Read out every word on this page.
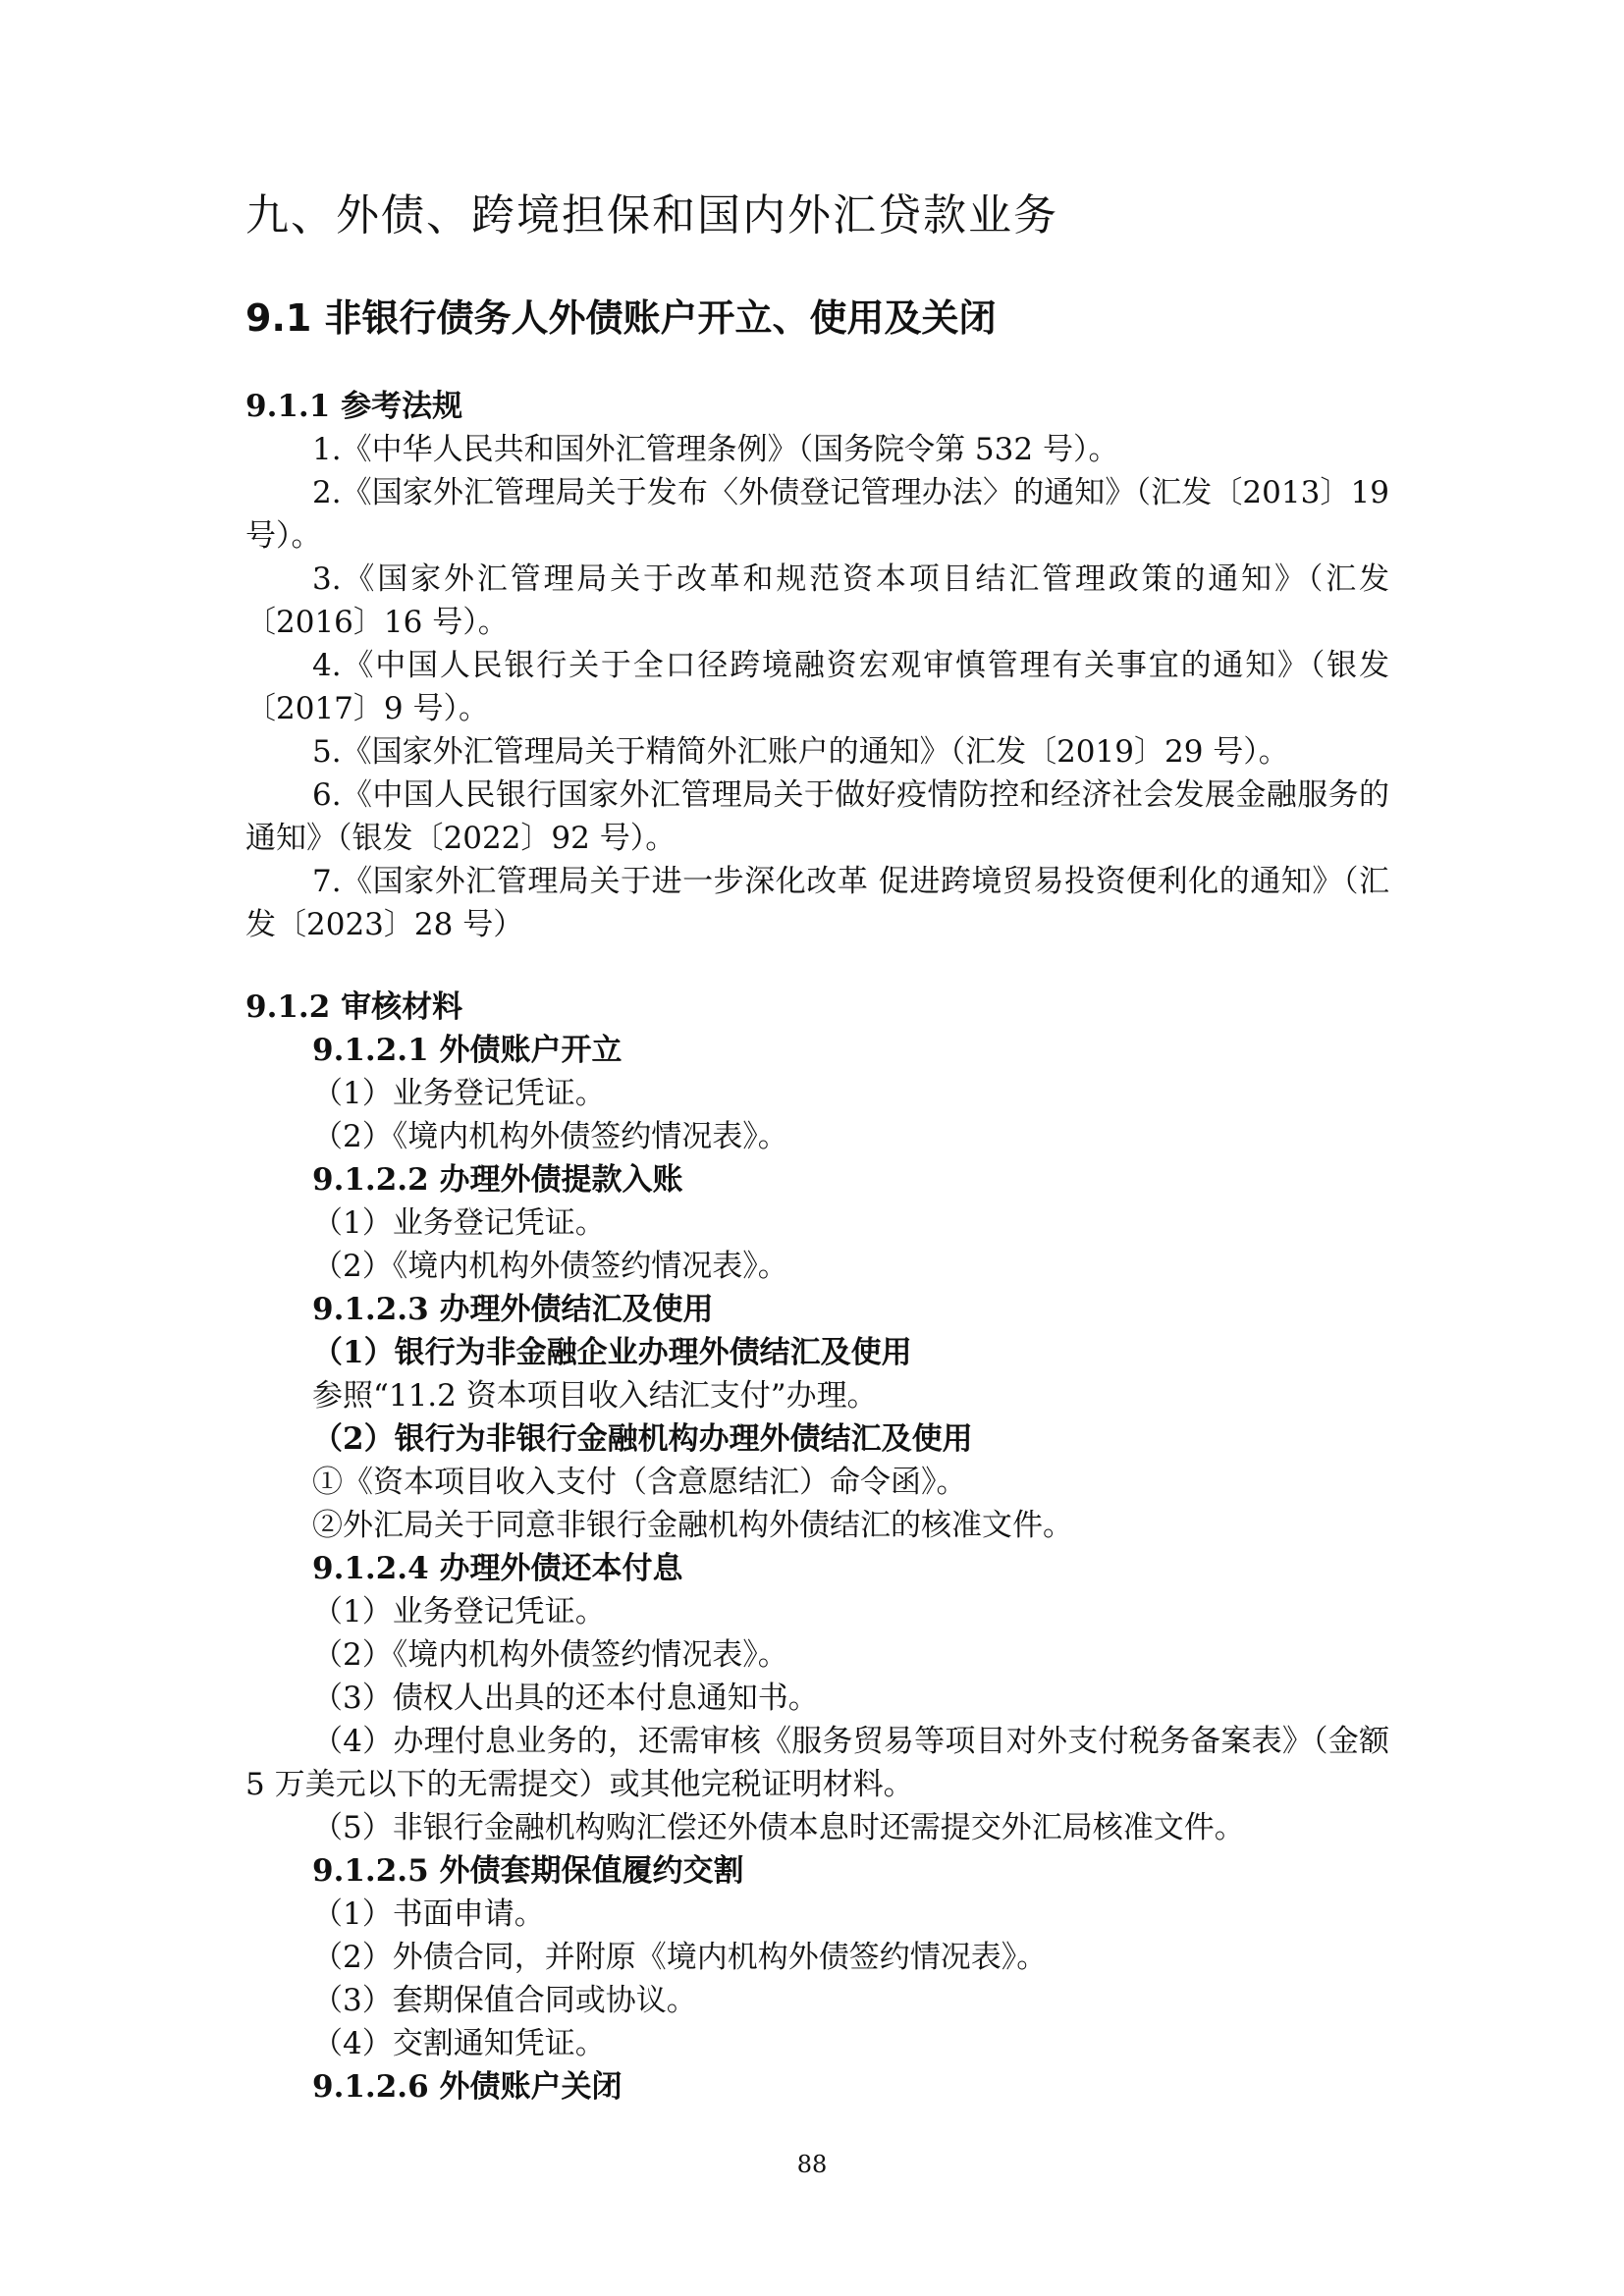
九、外债、跨境担保和国内外汇贷款业务
9.1 非银行债务人外债账户开立、使用及关闭
9.1.1 参考法规

1.《中华人民共和国外汇管理条例》（国务院令第 532 号）。

2.《国家外汇管理局关于发布〈外债登记管理办法〉的通知》（汇发〔2013〕19 号）。

3.《国家外汇管理局关于改革和规范资本项目结汇管理政策的通知》（汇发〔2016〕16 号）。

4.《中国人民银行关于全口径跨境融资宏观审慎管理有关事宜的通知》（银发〔2017〕9 号）。

5.《国家外汇管理局关于精简外汇账户的通知》（汇发〔2019〕29 号）。

6.《中国人民银行国家外汇管理局关于做好疫情防控和经济社会发展金融服务的通知》（银发〔2022〕92 号）。

7.《国家外汇管理局关于进一步深化改革 促进跨境贸易投资便利化的通知》（汇发〔2023〕28 号）

9.1.2 审核材料
9.1.2.1 外债账户开立

（1）业务登记凭证。

（2）《境内机构外债签约情况表》。

9.1.2.2 办理外债提款入账

（1）业务登记凭证。

（2）《境内机构外债签约情况表》。

9.1.2.3 办理外债结汇及使用

（1）银行为非金融企业办理外债结汇及使用

参照“11.2 资本项目收入结汇支付”办理。

（2）银行为非银行金融机构办理外债结汇及使用

①《资本项目收入支付（含意愿结汇）命令函》。

②外汇局关于同意非银行金融机构外债结汇的核准文件。

9.1.2.4 办理外债还本付息

（1）业务登记凭证。

（2）《境内机构外债签约情况表》。

（3）债权人出具的还本付息通知书。

（4）办理付息业务的，还需审核《服务贸易等项目对外支付税务备案表》（金额 5 万美元以下的无需提交）或其他完税证明材料。

（5）非银行金融机构购汇偿还外债本息时还需提交外汇局核准文件。

9.1.2.5 外债套期保值履约交割

（1）书面申请。

（2）外债合同，并附原《境内机构外债签约情况表》。

（3）套期保值合同或协议。

（4）交割通知凭证。

9.1.2.6 外债账户关闭
88
